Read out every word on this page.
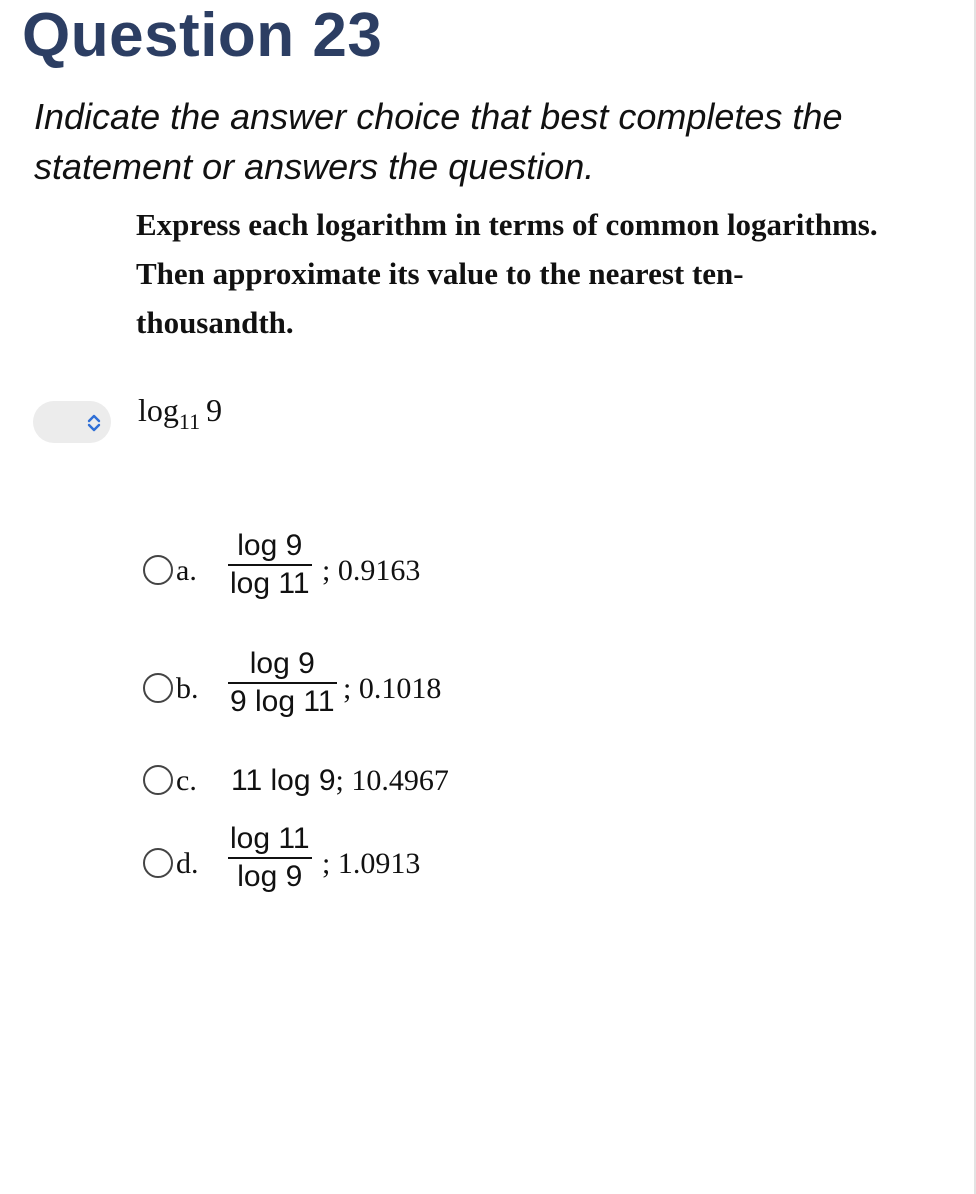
Question 23
Indicate the answer choice that best completes the statement or answers the question.
Express each logarithm in terms of common logarithms. Then approximate its value to the nearest ten-thousandth.
$\log_{11} 9$
a.
log 9
log 11 ; 0.9163
b.
log 9
9 log 11 ; 0.1018
c. 11 log 9; 10.4967
d.
log 11
log 9 ; 1.0913
